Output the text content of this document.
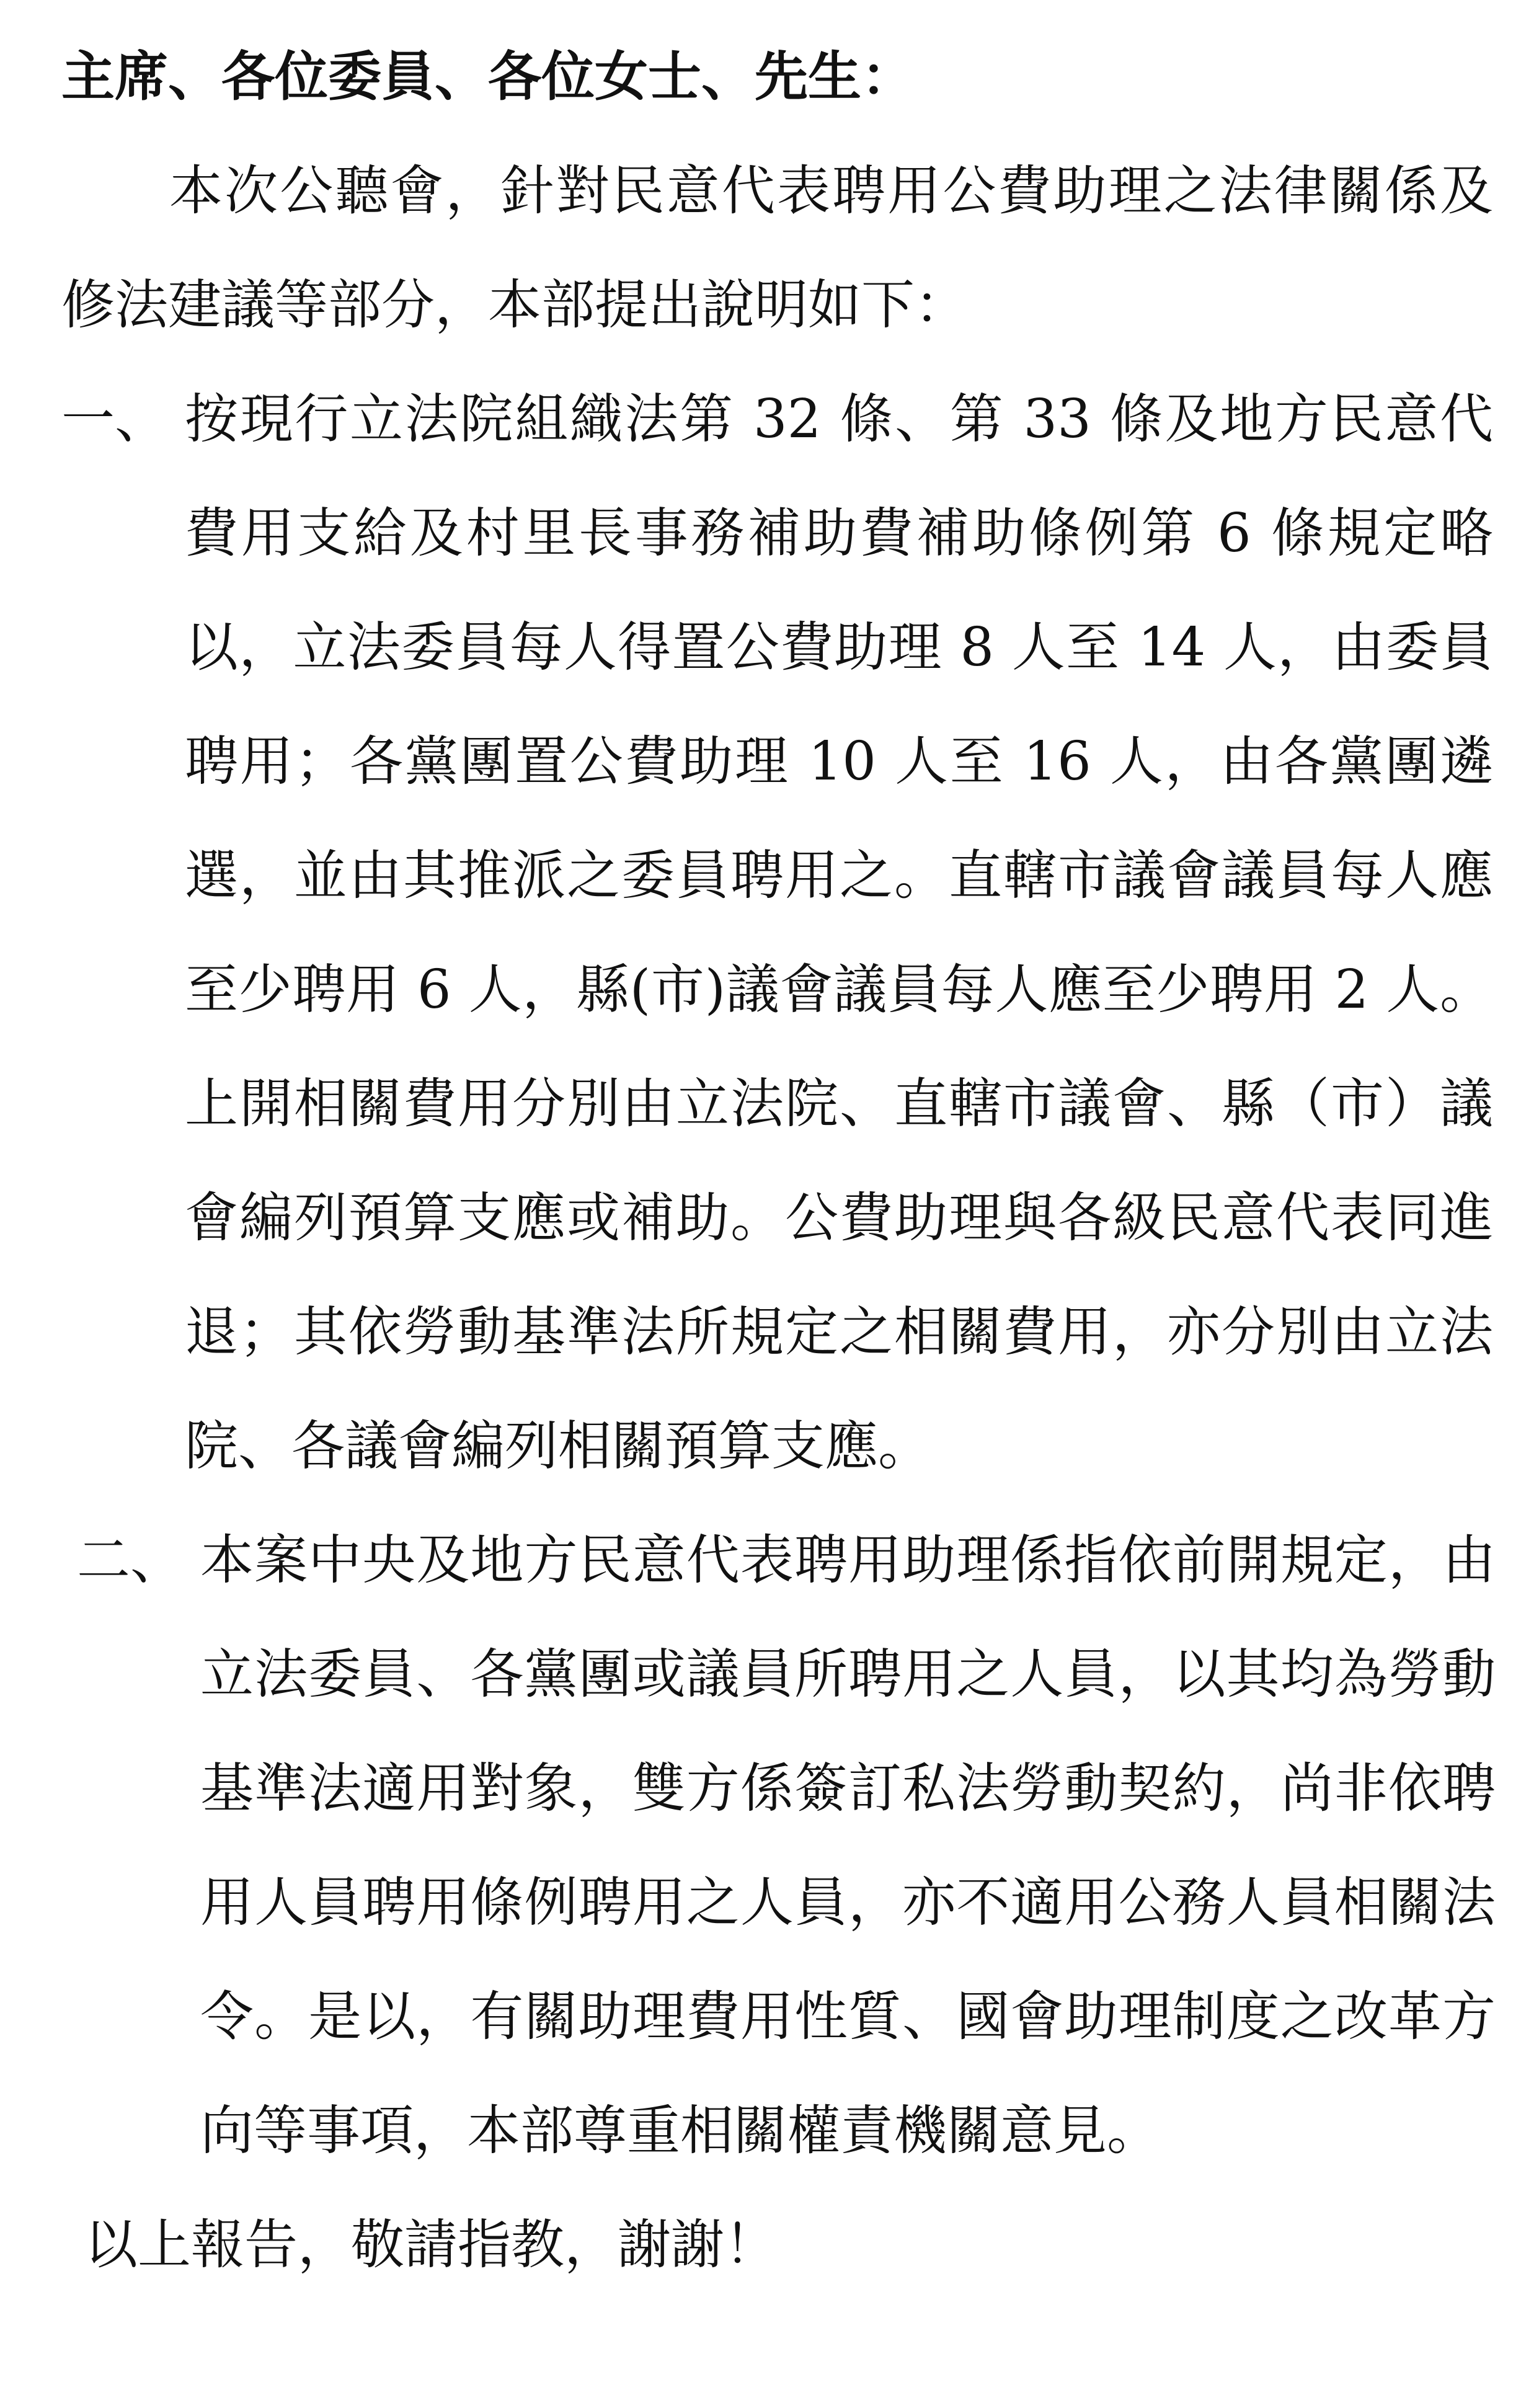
主席、各位委員、各位女士、先生：
本次公聽會，針對民意代表聘用公費助理之法律關係及
修法建議等部分，本部提出說明如下：
一、 按現行立法院組織法第 32 條、第 33 條及地方民意代
費用支給及村里長事務補助費補助條例第 6 條規定略
以，立法委員每人得置公費助理 8 人至 14 人，由委員
聘用；各黨團置公費助理 10 人至 16 人，由各黨團遴
選，並由其推派之委員聘用之。直轄市議會議員每人應
至少聘用 6 人，縣(市)議會議員每人應至少聘用 2 人。
上開相關費用分別由立法院、直轄市議會、縣（市）議
會編列預算支應或補助。公費助理與各級民意代表同進
退；其依勞動基準法所規定之相關費用，亦分別由立法
院、各議會編列相關預算支應。
二、 本案中央及地方民意代表聘用助理係指依前開規定，由
立法委員、各黨團或議員所聘用之人員，以其均為勞動
基準法適用對象，雙方係簽訂私法勞動契約，尚非依聘
用人員聘用條例聘用之人員，亦不適用公務人員相關法
令。是以，有關助理費用性質、國會助理制度之改革方
向等事項，本部尊重相關權責機關意見。
以上報告，敬請指教，謝謝！
